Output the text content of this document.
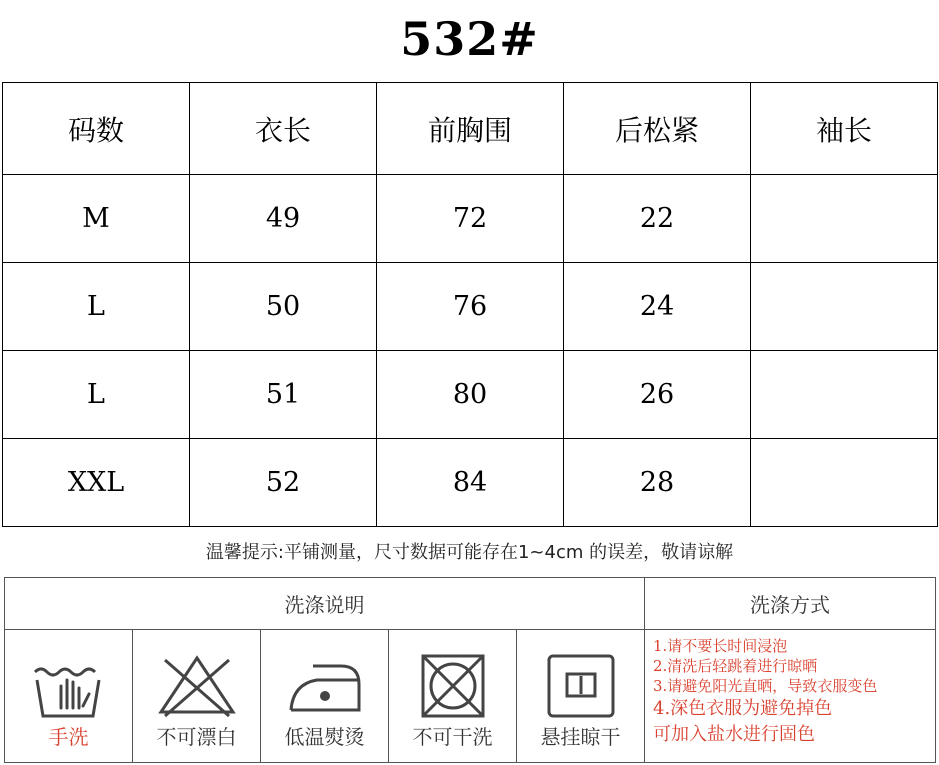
532#
码数	衣长	前胸围	后松紧	袖长
M	49	72	22	
L	50	76	24	
L	51	80	26	
XXL	52	84	28	
温馨提示:平铺测量，尺寸数据可能存在1~4cm 的误差，敬请谅解
洗涤说明	洗涤方式
手洗	不可漂白	低温熨烫	不可干洗	悬挂晾干
1.请不要长时间浸泡
2.清洗后轻跳着进行晾晒
3.请避免阳光直晒，导致衣服变色
4.深色衣服为避免掉色
可加入盐水进行固色
